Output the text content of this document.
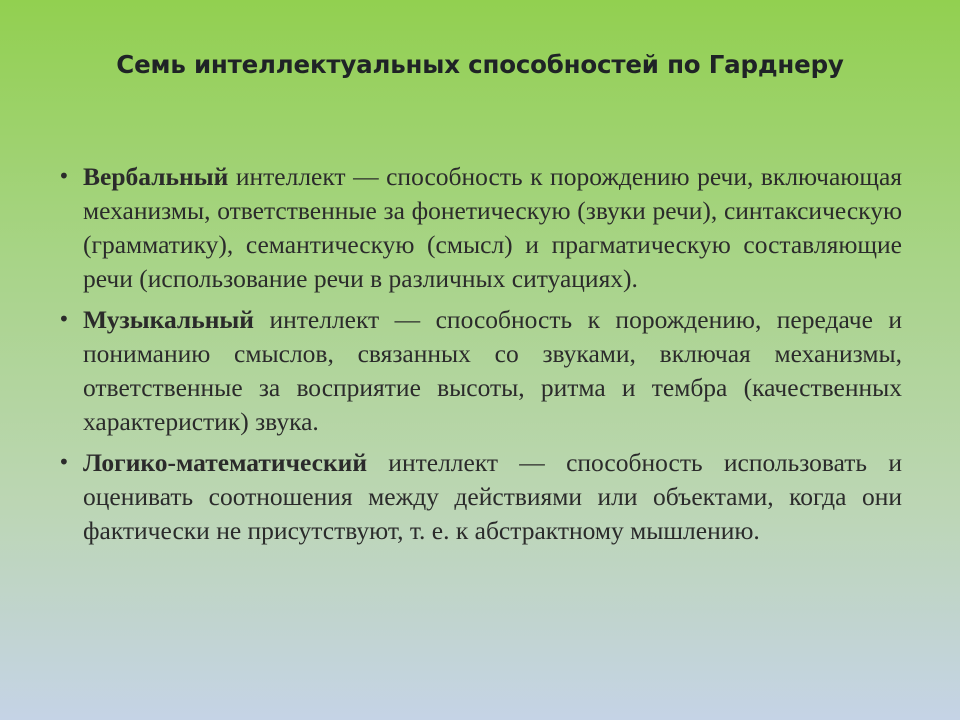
Семь интеллектуальных способностей по Гарднеру
• Вербальный интеллект — способность к порождению речи, включающая механизмы, ответственные за фонетическую (звуки речи), синтаксическую (грамматику), семантическую (смысл) и прагматическую составляющие речи (использование речи в различных ситуациях).
• Музыкальный интеллект — способность к порождению, передаче и пониманию смыслов, связанных со звуками, включая механизмы, ответственные за восприятие высоты, ритма и тембра (качественных характеристик) звука.
• Логико-математический интеллект — способность использовать и оценивать соотношения между действиями или объектами, когда они фактически не присутствуют, т. е. к абстрактному мышлению.
